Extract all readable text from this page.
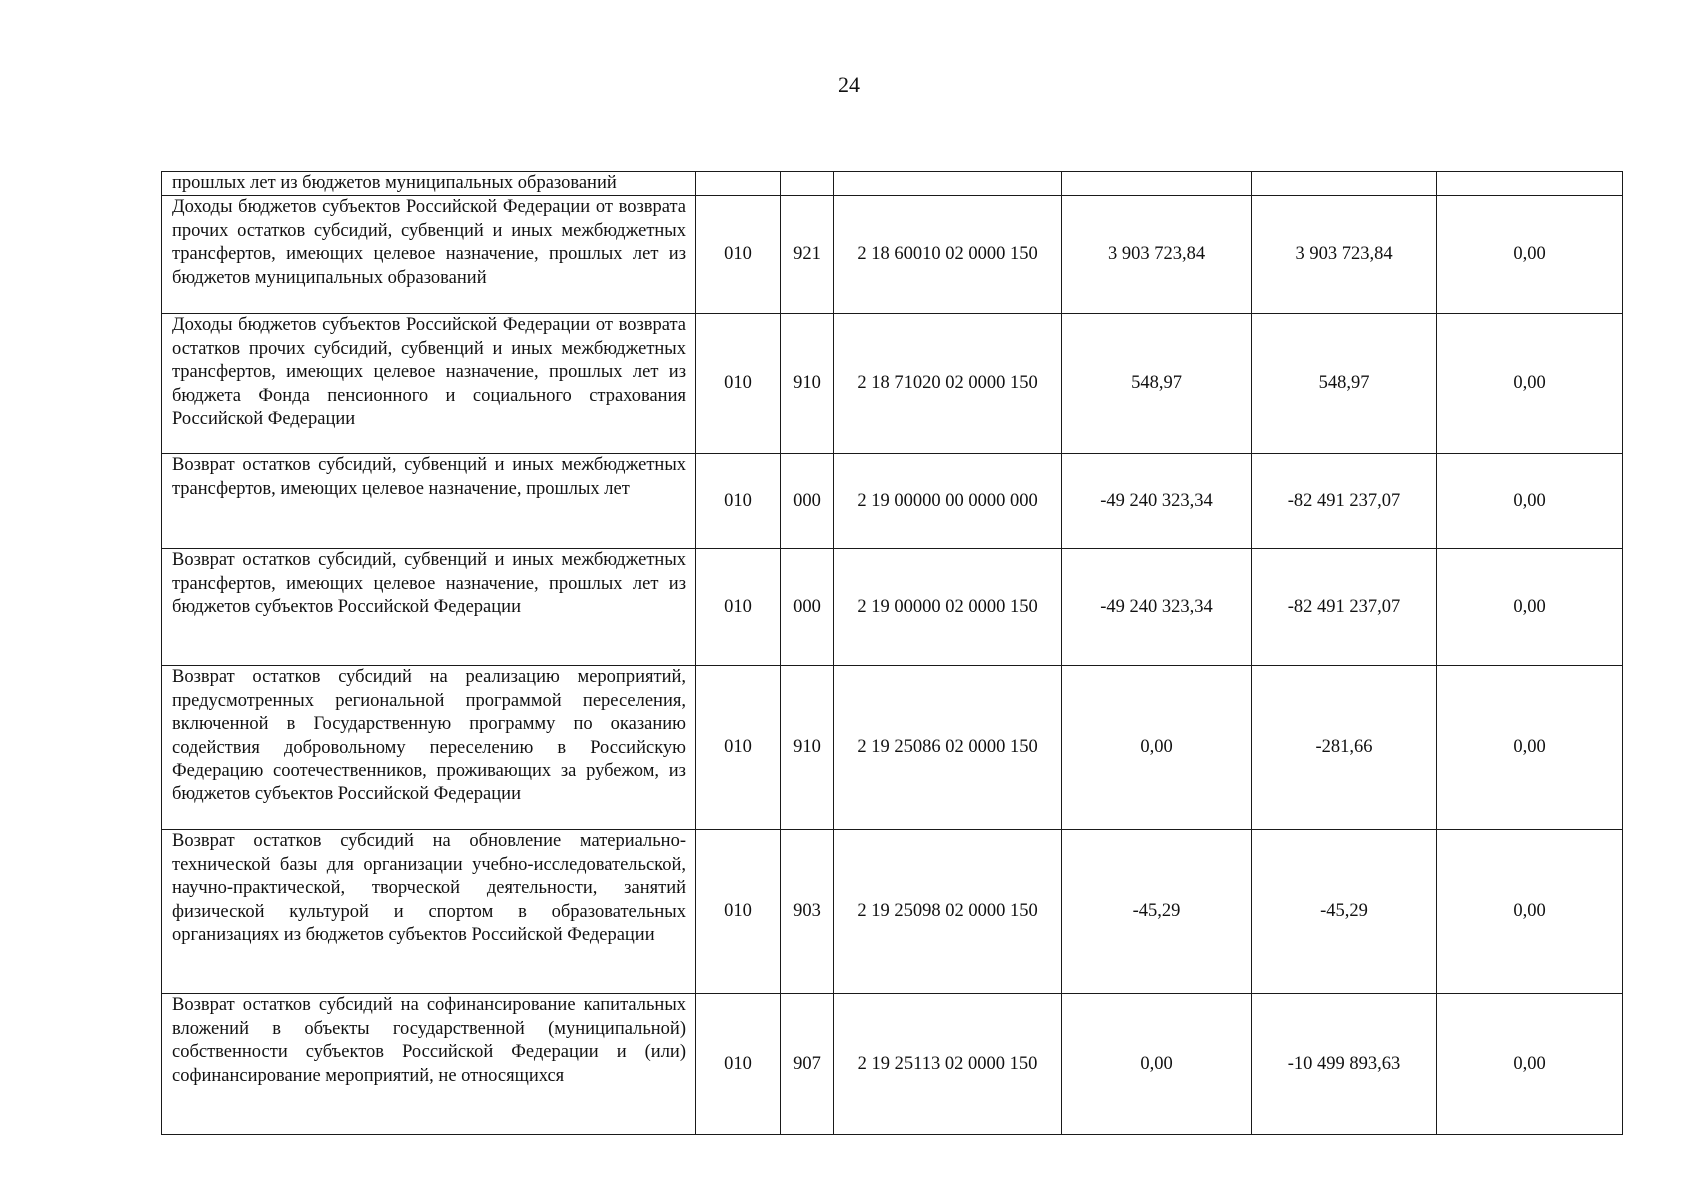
24
прошлых лет из бюджетов муниципальных образований						
Доходы бюджетов субъектов Российской Федерации от возврата прочих остатков субсидий, субвенций и иных межбюджетных трансфертов, имеющих целевое назначение, прошлых лет из бюджетов муниципальных образований	010	921	2 18 60010 02 0000 150	3 903 723,84	3 903 723,84	0,00
Доходы бюджетов субъектов Российской Федерации от возврата остатков прочих субсидий, субвенций и иных межбюджетных трансфертов, имеющих целевое назначение, прошлых лет из бюджета Фонда пенсионного и социального страхования Российской Федерации	010	910	2 18 71020 02 0000 150	548,97	548,97	0,00
Возврат остатков субсидий, субвенций и иных межбюджетных трансфертов, имеющих целевое назначение, прошлых лет	010	000	2 19 00000 00 0000 000	-49 240 323,34	-82 491 237,07	0,00
Возврат остатков субсидий, субвенций и иных межбюджетных трансфертов, имеющих целевое назначение, прошлых лет из бюджетов субъектов Российской Федерации	010	000	2 19 00000 02 0000 150	-49 240 323,34	-82 491 237,07	0,00
Возврат остатков субсидий на реализацию мероприятий, предусмотренных региональной программой переселения, включенной в Государственную программу по оказанию содействия добровольному переселению в Российскую Федерацию соотечественников, проживающих за рубежом, из бюджетов субъектов Российской Федерации	010	910	2 19 25086 02 0000 150	0,00	-281,66	0,00
Возврат остатков субсидий на обновление материально-технической базы для организации учебно-исследовательской, научно-практической, творческой деятельности, занятий физической культурой и спортом в образовательных организациях из бюджетов субъектов Российской Федерации	010	903	2 19 25098 02 0000 150	-45,29	-45,29	0,00
Возврат остатков субсидий на софинансирование капитальных вложений в объекты государственной (муниципальной) собственности субъектов Российской Федерации и (или) софинансирование мероприятий, не относящихся	010	907	2 19 25113 02 0000 150	0,00	-10 499 893,63	0,00
